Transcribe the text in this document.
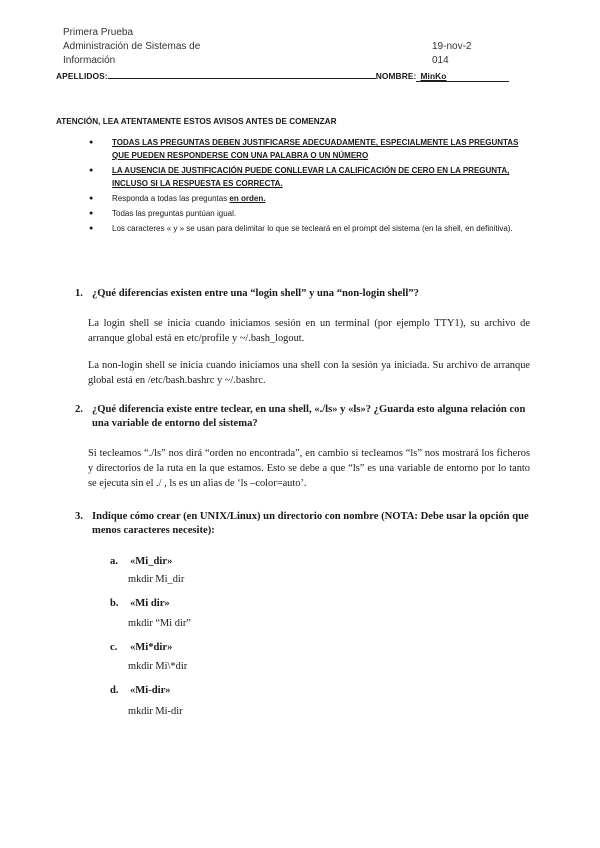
Primera Prueba
Administración de Sistemas de
Información
19-nov-2
014
APELLIDOS:	NOMBRE: MinKo
ATENCIÓN, LEA ATENTAMENTE ESTOS AVISOS ANTES DE COMENZAR
● TODAS LAS PREGUNTAS DEBEN JUSTIFICARSE ADECUADAMENTE, ESPECIALMENTE LAS PREGUNTAS QUE PUEDEN RESPONDERSE CON UNA PALABRA O UN NÚMERO
● LA AUSENCIA DE JUSTIFICACIÓN PUEDE CONLLEVAR LA CALIFICACIÓN DE CERO EN LA PREGUNTA, INCLUSO SI LA RESPUESTA ES CORRECTA.
● Responda a todas las preguntas en orden.
● Todas las preguntas puntúan igual.
● Los caracteres « y » se usan para delimitar lo que se tecleará en el prompt del sistema (en la shell, en definitiva).
1. ¿Qué diferencias existen entre una “login shell” y una “non-login shell”?

La login shell se inicia cuando iniciamos sesión en un terminal (por ejemplo TTY1), su archivo de arranque global está en etc/profile y ~/.bash_logout.

La non-login shell se inicia cuando iniciamos una shell con la sesión ya iniciada. Su archivo de arranque global está en /etc/bash.bashrc y ~/.bashrc.

2. ¿Qué diferencia existe entre teclear, en una shell, «./ls» y «ls»? ¿Guarda esto alguna relación con una variable de entorno del sistema?

Si tecleamos “./ls” nos dirá “orden no encontrada”, en cambio si tecleamos “ls” nos mostrará los ficheros y directorios de la ruta en la que estamos. Esto se debe a que “ls” es una variable de entorno por lo tanto se ejecuta sin el ./ , ls es un alias de ‘ls –color=auto’.

3. Indique cómo crear (en UNIX/Linux) un directorio con nombre (NOTA: Debe usar la opción que menos caracteres necesite):
a. «Mi_dir»
mkdir Mi_dir
b. «Mi dir»
mkdir “Mi dir”
c. «Mi*dir»
mkdir Mi\*dir
d. «Mi-dir»
mkdir Mi-dir
